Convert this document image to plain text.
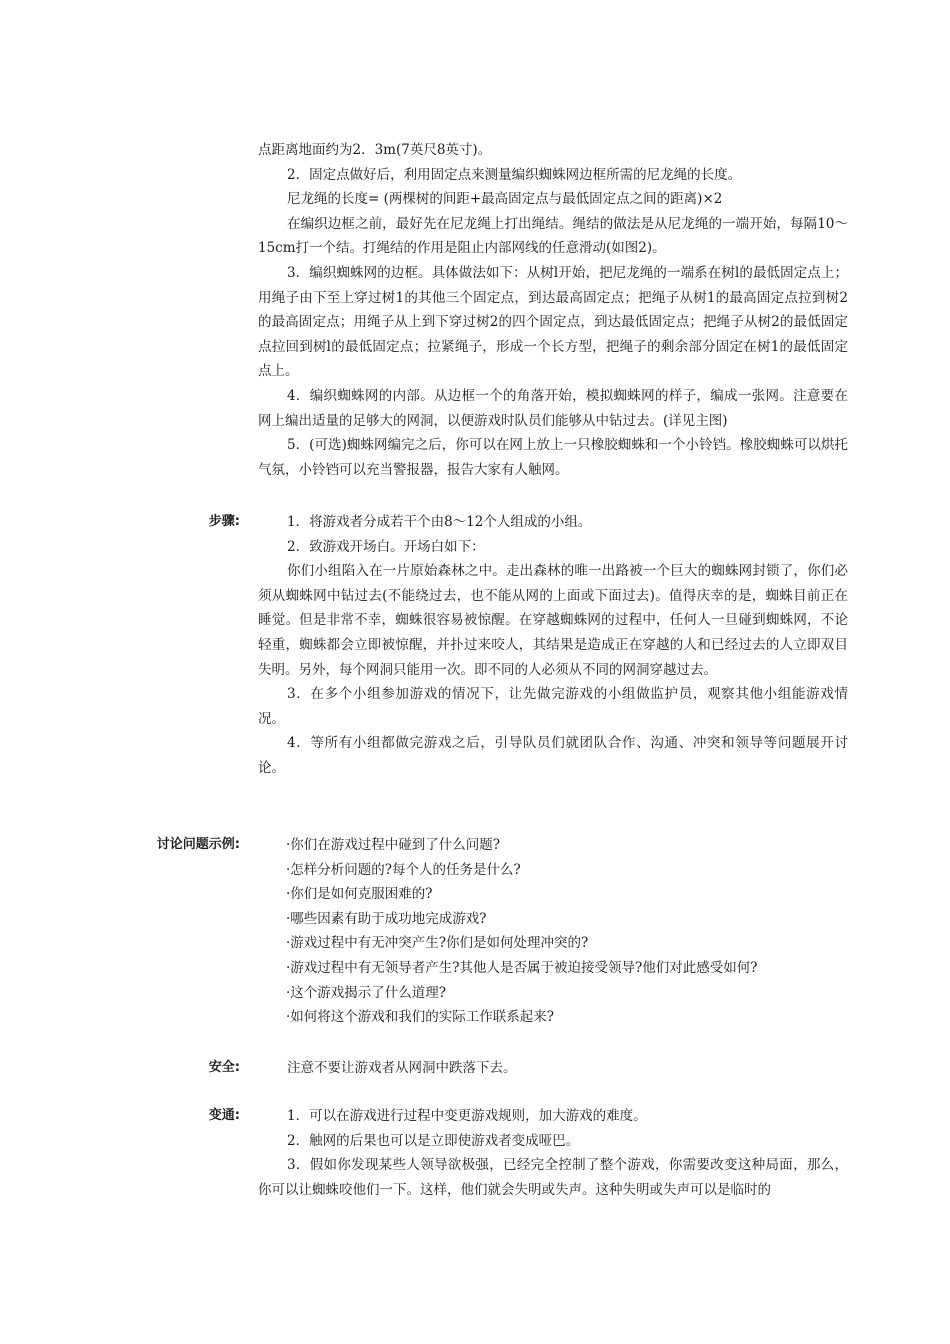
点距离地面约为2．3m(7英尺8英寸)。

2．固定点做好后，利用固定点来测量编织蜘蛛网边框所需的尼龙绳的长度。

尼龙绳的长度= (两棵树的间距+最高固定点与最低固定点之间的距离)×2

在编织边框之前，最好先在尼龙绳上打出绳结。绳结的做法是从尼龙绳的一端开始，每隔10～15cm打一个结。打绳结的作用是阻止内部网线的任意滑动(如图2)。

3．编织蜘蛛网的边框。具体做法如下：从树l开始，把尼龙绳的一端系在树l的最低固定点上；用绳子由下至上穿过树1的其他三个固定点，到达最高固定点；把绳子从树1的最高固定点拉到树2的最高固定点；用绳子从上到下穿过树2的四个固定点，到达最低固定点；把绳子从树2的最低固定点拉回到树l的最低固定点；拉紧绳子，形成一个长方型，把绳子的剩余部分固定在树1的最低固定点上。

4．编织蜘蛛网的内部。从边框一个的角落开始，模拟蜘蛛网的样子，编成一张网。注意要在网上编出适量的足够大的网洞，以便游戏时队员们能够从中钻过去。(详见主图)

5．(可选)蜘蛛网编完之后，你可以在网上放上一只橡胶蜘蛛和一个小铃铛。橡胶蜘蛛可以烘托气氛，小铃铛可以充当警报器，报告大家有人触网。

步骤:	1．将游戏者分成若干个由8～12个人组成的小组。

2．致游戏开场白。开场白如下：

你们小组陷入在一片原始森林之中。走出森林的唯一出路被一个巨大的蜘蛛网封锁了，你们必须从蜘蛛网中钻过去(不能绕过去，也不能从网的上面或下面过去)。值得庆幸的是，蜘蛛目前正在睡觉。但是非常不幸，蜘蛛很容易被惊醒。在穿越蜘蛛网的过程中，任何人一旦碰到蜘蛛网，不论轻重，蜘蛛都会立即被惊醒，并扑过来咬人，其结果是造成正在穿越的人和已经过去的人立即双目失明。另外，每个网洞只能用一次。即不同的人必须从不同的网洞穿越过去。

3．在多个小组参加游戏的情况下，让先做完游戏的小组做监护员，观察其他小组能游戏情况。

4．等所有小组都做完游戏之后，引导队员们就团队合作、沟通、冲突和领导等问题展开讨论。

讨论问题示例:	·你们在游戏过程中碰到了什么问题?

·怎样分析问题的?每个人的任务是什么?

·你们是如何克服困难的?

·哪些因素有助于成功地完成游戏?

·游戏过程中有无冲突产生?你们是如何处理冲突的?

·游戏过程中有无领导者产生?其他人是否属于被迫接受领导?他们对此感受如何?

·这个游戏揭示了什么道理?

·如何将这个游戏和我们的实际工作联系起来?

安全:	注意不要让游戏者从网洞中跌落下去。

变通:	1．可以在游戏进行过程中变更游戏规则，加大游戏的难度。

2．触网的后果也可以是立即使游戏者变成哑巴。

3．假如你发现某些人领导欲极强，已经完全控制了整个游戏，你需要改变这种局面，那么，你可以让蜘蛛咬他们一下。这样，他们就会失明或失声。这种失明或失声可以是临时的
